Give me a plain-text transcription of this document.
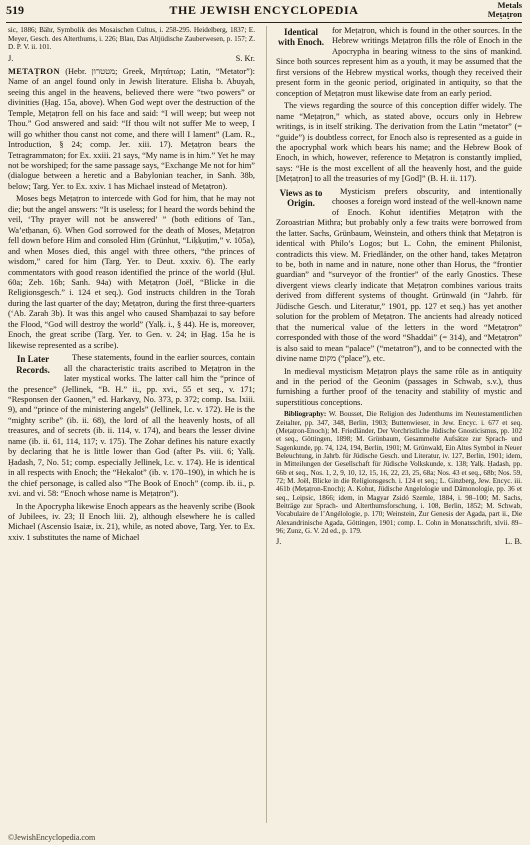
519	THE JEWISH ENCYCLOPEDIA	Metals
Meṭaṭron

sic, 1886; Bähr, Symbolik des Mosaischen Cultus, i. 258-295. Heidelberg, 1837; E. Meyer, Gesch. des Alterthums, i. 226; Blau, Das Altjüdische Zauberwesen, p. 157; Z. D. P. V. ii. 101.

J.	S. Kr.

METAṬRON (Hebr. מטטרון; Greek, Μητάτωρ; Latin, “Metator”): Name of an angel found only in Jewish literature. Elisha b. Abuyah, seeing this angel in the heavens, believed there were “two powers” or divinities (Ḥag. 15a, above). When God wept over the destruction of the Temple, Meṭaṭron fell on his face and said: “I will weep; but weep not Thou.” God answered and said: “If thou wilt not suffer Me to weep, I will go whither thou canst not come, and there will I lament” (Lam. R., Introduction, § 24; comp. Jer. xiii. 17). Meṭaṭron bears the Tetragrammaton; for Ex. xxiii. 21 says, “My name is in him.” Yet he may not be worshiped; for the same passage says, “Exchange Me not for him” (dialogue between a heretic and a Babylonian teacher, in Sanh. 38b, below; Targ. Yer. to Ex. xxiv. 1 has Michael instead of Meṭaṭron).

Moses begs Meṭaṭron to intercede with God for him, that he may not die; but the angel answers: “It is useless; for I heard the words behind the veil, ‘Thy prayer will not be answered’ ” (both editions of Tan., Wa’etḥanan, 6). When God sorrowed for the death of Moses, Meṭaṭron fell down before Him and consoled Him (Grünhut, “Liḳḳuṭim,” v. 105a), and when Moses died, this angel with three others, “the princes of wisdom,” cared for him (Targ. Yer. to Deut. xxxiv. 6). The early commentators with good reason identified the prince of the world (Ḥul. 60a; Zeb. 16b; Sanh. 94a) with Meṭaṭron (Joël, “Blicke in die Religionsgesch.” i. 124 et seq.). God instructs children in the Torah during the last quarter of the day; Meṭaṭron, during the first three-quarters (‘Ab. Zarah 3b). It was this angel who caused Shamḥazai to say before the Flood, “God will destroy the world” (Yalḳ. i., § 44). He is, moreover, Enoch, the great scribe (Targ. Yer. to Gen. v. 24; in Ḥag. 15a he is likewise represented as a scribe).

In Later Records.
These statements, found in the earlier sources, contain all the characteristic traits ascribed to Meṭaṭron in the later mystical works. The latter call him the “prince of the presence” (Jellinek, “B. H.” ii., pp. xvi., 55 et seq., v. 171; “Responsen der Gaonen,” ed. Harkavy, No. 373, p. 372; comp. Isa. lxiii. 9), and “prince of the ministering angels” (Jellinek, l.c. v. 172). He is the “mighty scribe” (ib. ii. 68), the lord of all the heavenly hosts, of all treasures, and of secrets (ib. ii. 114, v. 174), and bears the lesser divine name (ib. ii. 61, 114, 117; v. 175). The Zohar defines his nature exactly by declaring that he is little lower than God (after Ps. viii. 6; Yalḳ. Ḥadash, 7, No. 51; comp. especially Jellinek, l.c. v. 174). He is identical in all respects with Enoch; the “Hekalot” (ib. v. 170–190), in which he is the chief personage, is called also “The Book of Enoch” (comp. ib. ii., p. xvi. and vi. 58: “Enoch whose name is Meṭaṭron”).

In the Apocrypha likewise Enoch appears as the heavenly scribe (Book of Jubilees, iv. 23; II Enoch liii. 2), although elsewhere he is called Michael (Ascensio Isaiæ, ix. 21), while, as noted above, Targ. Yer. to Ex. xxiv. 1 substitutes the name of Michael

Identical with Enoch.
for Meṭaṭron, which is found in the other sources. In the Hebrew writings Meṭaṭron fills the rôle of Enoch in the Apocrypha in bearing witness to the sins of mankind. Since both sources represent him as a youth, it may be assumed that the first versions of the Hebrew mystical works, though they received their present form in the geonic period, originated in antiquity, so that the conception of Meṭaṭron must likewise date from an early period.

The views regarding the source of this conception differ widely. The name “Meṭaṭron,” which, as stated above, occurs only in Hebrew writings, is in itself striking. The derivation from the Latin “metator” (= “guide”) is doubtless correct, for Enoch also is represented as a guide in the apocryphal work which bears his name; and the Hebrew Book of Enoch, in which, however, reference to Meṭaṭron is constantly implied, says: “He is the most excellent of all the heavenly host, and the guide [Meṭaṭron] to all the treasuries of my [God]” (B. H. ii. 117).

Views as to Origin.
Mysticism prefers obscurity, and intentionally chooses a foreign word instead of the well-known name of Enoch. Kohut identifies Meṭaṭron with the Zoroastrian Mithra; but probably only a few traits were borrowed from the latter. Sachs, Grünbaum, Weinstein, and others think that Meṭaṭron is identical with Philo’s Logos; but L. Cohn, the eminent Philonist, contradicts this view. M. Friedländer, on the other hand, takes Meṭaṭron to be, both in name and in nature, none other than Horus, the “frontier guardian” and “surveyor of the frontier” of the early Gnostics. These divergent views clearly indicate that Meṭaṭron combines various traits derived from different systems of thought. Grünwald (in “Jahrb. für Jüdische Gesch. und Literatur,” 1901, pp. 127 et seq.) has yet another solution for the problem of Meṭaṭron. The ancients had already noticed that the numerical value of the letters in the word “Meṭaṭron” corresponded with those of the word “Shaddai” (= 314), and “Meṭaṭron” is also said to mean “palace” (“metatron”), and to be connected with the divine name מקום (“place”), etc.

In medieval mysticism Meṭaṭron plays the same rôle as in antiquity and in the period of the Geonim (passages in Schwab, s.v.), thus furnishing a further proof of the tenacity and stability of mystic and superstitious conceptions.

Bibliography: W. Bousset, Die Religion des Judenthums im Neutestamentlichen Zeitalter, pp. 347, 348, Berlin, 1903; Buttenwieser, in Jew. Encyc. i. 677 et seq. (Meṭaṭron-Enoch); M. Friedländer, Der Vorchristliche Jüdische Gnosticismus, pp. 102 et seq., Göttingen, 1898; M. Grünbaum, Gesammelte Aufsätze zur Sprach- und Sagenkunde, pp. 74, 124, 194, Berlin, 1901; M. Grünwald, Ein Altes Symbol in Neuer Beleuchtung, in Jahrb. für Jüdische Gesch. und Literatur, iv. 127, Berlin, 1901; idem, in Mitteilungen der Gesellschaft für Jüdische Volkskunde, x. 138; Yalḳ. Ḥadash, pp. 66b et seq., Nos. 1, 2, 9, 10, 12, 15, 16, 22, 23, 25, 68a; Nos. 43 et seq., 68b; Nos. 59, 72; M. Joël, Blicke in die Religionsgesch. i. 124 et seq.; L. Ginzberg, Jew. Encyc. iii. 461b (Meṭaṭron-Enoch); A. Kohut, Jüdische Angelologie und Dämonologie, pp. 36 et seq., Leipsic, 1866; idem, in Magyar Zsidó Szemle, 1884, i. 98–100; M. Sachs, Beiträge zur Sprach- und Alterthumsforschung, i. 108, Berlin, 1852; M. Schwab, Vocabulaire de l’Angélologie, p. 170; Weinstein, Zur Genesis der Agada, part ii., Die Alexandrinische Agada, Göttingen, 1901; comp. L. Cohn in Monatsschrift, xlvii. 89–96; Zunz, G. V. 2d ed., p. 179.

J.	L. B.
©JewishEncyclopedia.com
